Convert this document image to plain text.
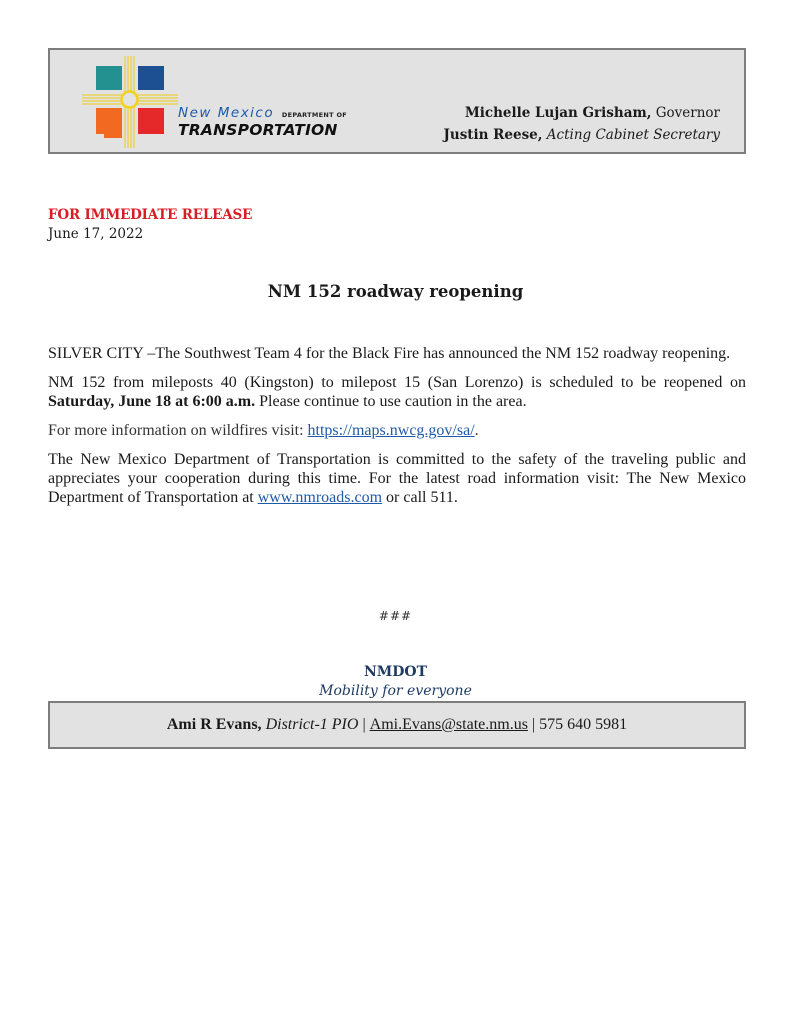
New Mexico DEPARTMENT OF
TRANSPORTATION
Michelle Lujan Grisham, Governor
Justin Reese, Acting Cabinet Secretary
FOR IMMEDIATE RELEASE
June 17, 2022
NM 152 roadway reopening

SILVER CITY –The Southwest Team 4 for the Black Fire has announced the NM 152 roadway reopening.

NM 152 from mileposts 40 (Kingston) to milepost 15 (San Lorenzo) is scheduled to be reopened on Saturday, June 18 at 6:00 a.m. Please continue to use caution in the area.

For more information on wildfires visit: https://maps.nwcg.gov/sa/.

The New Mexico Department of Transportation is committed to the safety of the traveling public and appreciates your cooperation during this time. For the latest road information visit: The New Mexico Department of Transportation at www.nmroads.com or call 511.

###
NMDOT
Mobility for everyone
Ami R Evans,
District-1 PIO | Ami.Evans@state.nm.us | 575 640 5981
